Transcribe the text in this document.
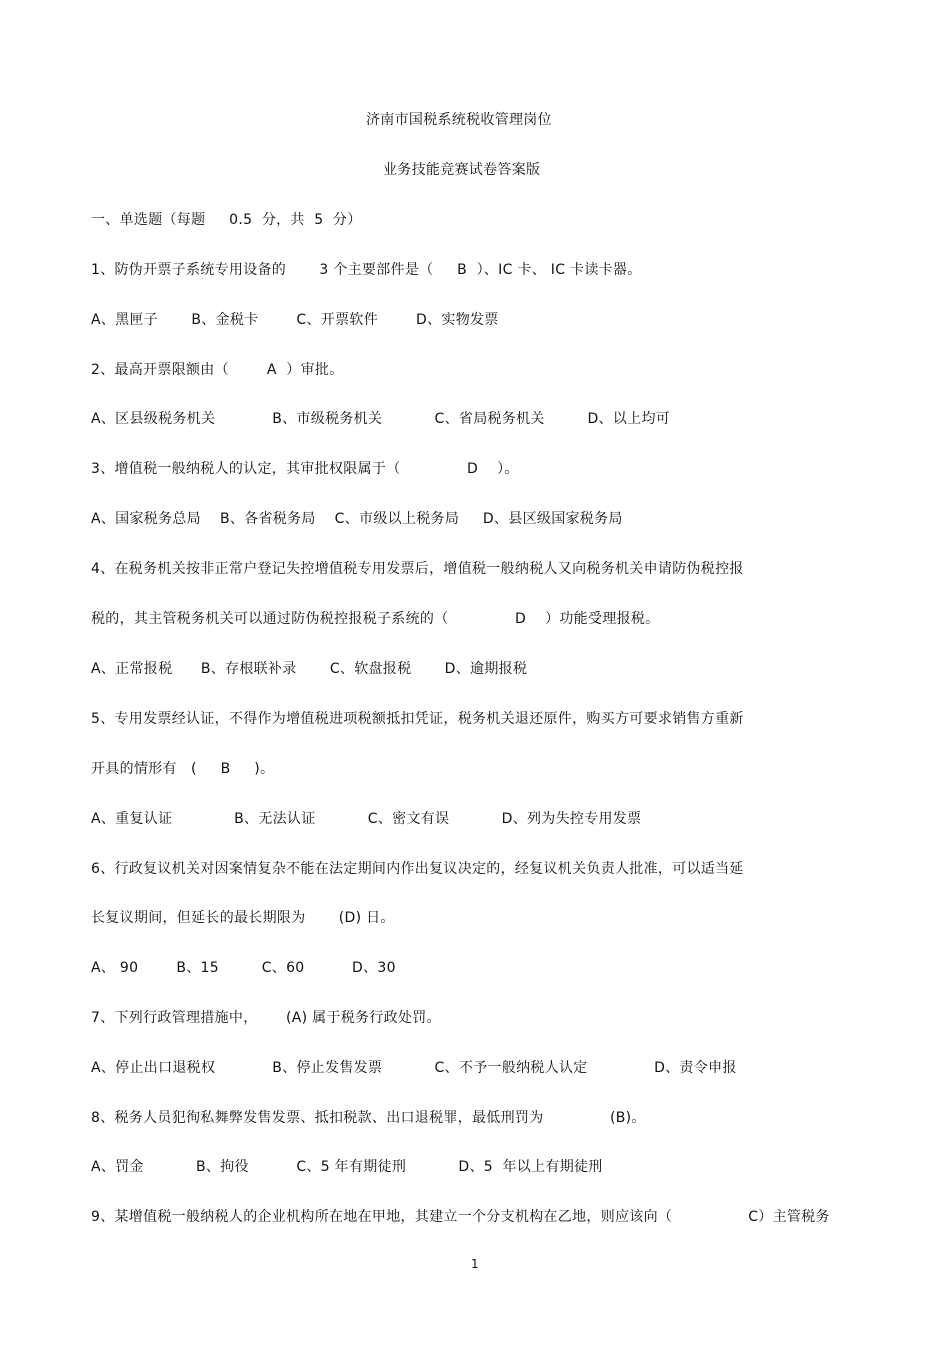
济南市国税系统税收管理岗位
业务技能竞赛试卷答案版
一、单选题（每题     0.5  分，共  5  分）
1、防伪开票子系统专用设备的       3 个主要部件是（     B  ）、IC 卡、 IC 卡读卡器。
A、黑匣子       B、金税卡        C、开票软件        D、实物发票
2、最高开票限额由（        A  ）审批。
A、区县级税务机关            B、市级税务机关           C、省局税务机关         D、以上均可
3、增值税一般纳税人的认定，其审批权限属于（              D    ）。
A、国家税务总局    B、各省税务局    C、市级以上税务局     D、县区级国家税务局
4、在税务机关按非正常户登记失控增值税专用发票后，增值税一般纳税人又向税务机关申请防伪税控报
税的，其主管税务机关可以通过防伪税控报税子系统的（              D    ）功能受理报税。
A、正常报税      B、存根联补录       C、软盘报税       D、逾期报税
5、专用发票经认证，不得作为增值税进项税额抵扣凭证，税务机关退还原件，购买方可要求销售方重新
开具的情形有   (     B     )。
A、重复认证             B、无法认证           C、密文有误           D、列为失控专用发票
6、行政复议机关对因案情复杂不能在法定期间内作出复议决定的，经复议机关负责人批准，可以适当延
长复议期间，但延长的最长期限为       (D) 日。
A、 90        B、15         C、60          D、30
7、下列行政管理措施中，      (A) 属于税务行政处罚。
A、停止出口退税权            B、停止发售发票           C、不予一般纳税人认定              D、责令申报
8、税务人员犯徇私舞弊发售发票、抵扣税款、出口退税罪，最低刑罚为              (B)。
A、罚金           B、拘役          C、5 年有期徒刑           D、5  年以上有期徒刑
9、某增值税一般纳税人的企业机构所在地在甲地，其建立一个分支机构在乙地，则应该向（                C）主管税务
1
